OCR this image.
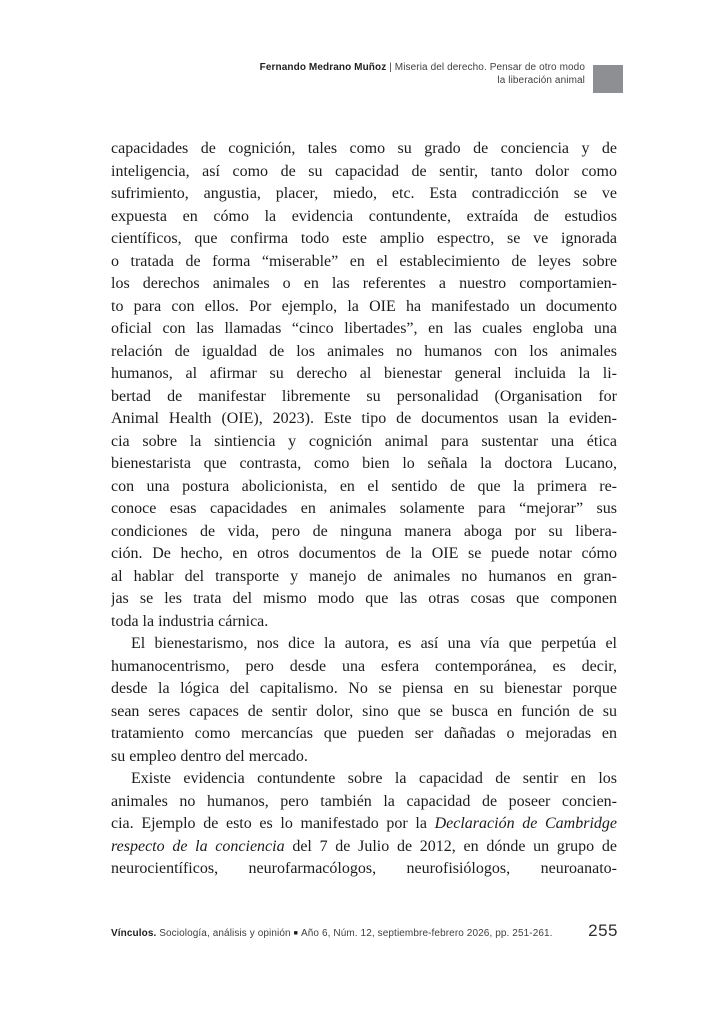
Fernando Medrano Muñoz | Miseria del derecho. Pensar de otro modo
la liberación animal
capacidades de cognición, tales como su grado de conciencia y de
inteligencia, así como de su capacidad de sentir, tanto dolor como
sufrimiento, angustia, placer, miedo, etc. Esta contradicción se ve
expuesta en cómo la evidencia contundente, extraída de estudios
científicos, que confirma todo este amplio espectro, se ve ignorada
o tratada de forma “miserable” en el establecimiento de leyes sobre
los derechos animales o en las referentes a nuestro comportamien-
to para con ellos. Por ejemplo, la OIE ha manifestado un documento
oficial con las llamadas “cinco libertades”, en las cuales engloba una
relación de igualdad de los animales no humanos con los animales
humanos, al afirmar su derecho al bienestar general incluida la li-
bertad de manifestar libremente su personalidad (Organisation for
Animal Health (OIE), 2023). Este tipo de documentos usan la eviden-
cia sobre la sintiencia y cognición animal para sustentar una ética
bienestarista que contrasta, como bien lo señala la doctora Lucano,
con una postura abolicionista, en el sentido de que la primera re-
conoce esas capacidades en animales solamente para “mejorar” sus
condiciones de vida, pero de ninguna manera aboga por su libera-
ción. De hecho, en otros documentos de la OIE se puede notar cómo
al hablar del transporte y manejo de animales no humanos en gran-
jas se les trata del mismo modo que las otras cosas que componen
toda la industria cárnica.
El bienestarismo, nos dice la autora, es así una vía que perpetúa el
humanocentrismo, pero desde una esfera contemporánea, es decir,
desde la lógica del capitalismo. No se piensa en su bienestar porque
sean seres capaces de sentir dolor, sino que se busca en función de su
tratamiento como mercancías que pueden ser dañadas o mejoradas en
su empleo dentro del mercado.
Existe evidencia contundente sobre la capacidad de sentir en los
animales no humanos, pero también la capacidad de poseer concien-
cia. Ejemplo de esto es lo manifestado por la Declaración de Cambridge
respecto de la conciencia del 7 de Julio de 2012, en dónde un grupo de
neurocientíficos, neurofarmacólogos, neurofisiólogos, neuroanato-
Vínculos. Sociología, análisis y opinión ■ Año 6, Núm. 12, septiembre-febrero 2026, pp. 251-261. 255
